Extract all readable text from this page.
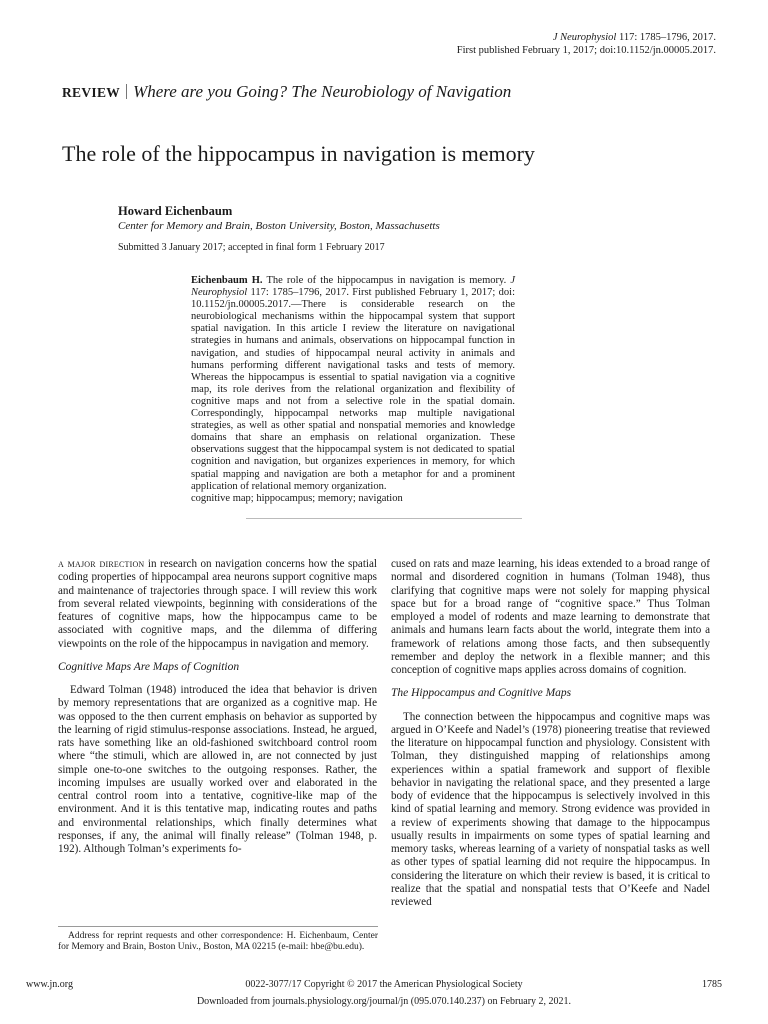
J Neurophysiol 117: 1785–1796, 2017.
First published February 1, 2017; doi:10.1152/jn.00005.2017.
REVIEW Where are you Going? The Neurobiology of Navigation
The role of the hippocampus in navigation is memory
Howard Eichenbaum
Center for Memory and Brain, Boston University, Boston, Massachusetts
Submitted 3 January 2017; accepted in final form 1 February 2017
Eichenbaum H. The role of the hippocampus in navigation is memory. J Neurophysiol 117: 1785–1796, 2017. First published February 1, 2017; doi: 10.1152/jn.00005.2017.—There is considerable research on the neurobiological mechanisms within the hippocampal system that support spatial navigation. In this article I review the literature on navigational strategies in humans and animals, observations on hippocampal function in navigation, and studies of hippocampal neural activity in animals and humans performing different navigational tasks and tests of memory. Whereas the hippocampus is essential to spatial navigation via a cognitive map, its role derives from the relational organization and flexibility of cognitive maps and not from a selective role in the spatial domain. Correspondingly, hippocampal networks map multiple navigational strategies, as well as other spatial and nonspatial memories and knowledge domains that share an emphasis on relational organization. These observations suggest that the hippocampal system is not dedicated to spatial cognition and navigation, but organizes experiences in memory, for which spatial mapping and navigation are both a metaphor for and a prominent application of relational memory organization.
cognitive map; hippocampus; memory; navigation

a major direction in research on navigation concerns how the spatial coding properties of hippocampal area neurons support cognitive maps and maintenance of trajectories through space. I will review this work from several related viewpoints, beginning with considerations of the features of cognitive maps, how the hippocampus came to be associated with cognitive maps, and the dilemma of differing viewpoints on the role of the hippocampus in navigation and memory.

Cognitive Maps Are Maps of Cognition

Edward Tolman (1948) introduced the idea that behavior is driven by memory representations that are organized as a cognitive map. He was opposed to the then current emphasis on behavior as supported by the learning of rigid stimulus-response associations. Instead, he argued, rats have something like an old-fashioned switchboard control room where “the stimuli, which are allowed in, are not connected by just simple one-to-one switches to the outgoing responses. Rather, the incoming impulses are usually worked over and elaborated in the central control room into a tentative, cognitive-like map of the environment. And it is this tentative map, indicating routes and paths and environmental relationships, which finally determines what responses, if any, the animal will finally release” (Tolman 1948, p. 192). Although Tolman’s experiments fo-

cused on rats and maze learning, his ideas extended to a broad range of normal and disordered cognition in humans (Tolman 1948), thus clarifying that cognitive maps were not solely for mapping physical space but for a broad range of “cognitive space.” Thus Tolman employed a model of rodents and maze learning to demonstrate that animals and humans learn facts about the world, integrate them into a framework of relations among those facts, and then subsequently remember and deploy the network in a flexible manner; and this conception of cognitive maps applies across domains of cognition.

The Hippocampus and Cognitive Maps

The connection between the hippocampus and cognitive maps was argued in O’Keefe and Nadel’s (1978) pioneering treatise that reviewed the literature on hippocampal function and physiology. Consistent with Tolman, they distinguished mapping of relationships among experiences within a spatial framework and support of flexible behavior in navigating the relational space, and they presented a large body of evidence that the hippocampus is selectively involved in this kind of spatial learning and memory. Strong evidence was provided in a review of experiments showing that damage to the hippocampus usually results in impairments on some types of spatial learning and memory tasks, whereas learning of a variety of nonspatial tasks as well as other types of spatial learning did not require the hippocampus. In considering the literature on which their review is based, it is critical to realize that the spatial and nonspatial tests that O’Keefe and Nadel reviewed

Address for reprint requests and other correspondence: H. Eichenbaum, Center for Memory and Brain, Boston Univ., Boston, MA 02215 (e-mail: hbe@bu.edu).
www.jn.org	0022-3077/17 Copyright © 2017 the American Physiological Society	1785
Downloaded from journals.physiology.org/journal/jn (095.070.140.237) on February 2, 2021.
